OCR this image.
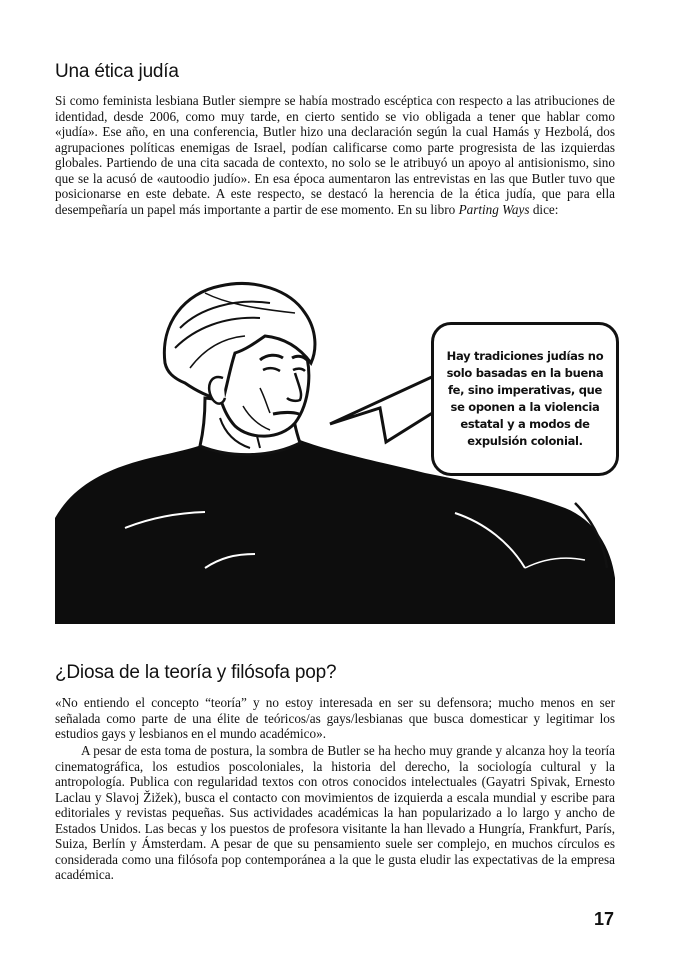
Una ética judía

Si como feminista lesbiana Butler siempre se había mostrado escéptica con respecto a las atribuciones de identidad, desde 2006, como muy tarde, en cierto sentido se vio obligada a tener que hablar como «judía». Ese año, en una conferencia, Butler hizo una declaración según la cual Hamás y Hezbolá, dos agrupaciones políticas enemigas de Israel, podían calificarse como parte progresista de las izquierdas globales. Partiendo de una cita sacada de contexto, no solo se le atribuyó un apoyo al antisionismo, sino que se la acusó de «autoodio judío». En esa época aumentaron las entrevistas en las que Butler tuvo que posicionarse en este debate. A este respecto, se destacó la herencia de la ética judía, que para ella desempeñaría un papel más importante a partir de ese momento. En su libro Parting Ways dice:

Hay tradiciones judías no solo basadas en la buena fe, sino imperativas, que se oponen a la violencia estatal y a modos de expulsión colonial.
¿Diosa de la teoría y filósofa pop?

«No entiendo el concepto “teoría” y no estoy interesada en ser su defensora; mucho menos en ser señalada como parte de una élite de teóricos/as gays/lesbianas que busca domesticar y legitimar los estudios gays y lesbianos en el mundo académico».

A pesar de esta toma de postura, la sombra de Butler se ha hecho muy grande y alcanza hoy la teoría cinematográfica, los estudios poscoloniales, la historia del derecho, la sociología cultural y la antropología. Publica con regularidad textos con otros conocidos intelectuales (Gayatri Spivak, Ernesto Laclau y Slavoj Žižek), busca el contacto con movimientos de izquierda a escala mundial y escribe para editoriales y revistas pequeñas. Sus actividades académicas la han popularizado a lo largo y ancho de Estados Unidos. Las becas y los puestos de profesora visitante la han llevado a Hungría, Frankfurt, París, Suiza, Berlín y Ámsterdam. A pesar de que su pensamiento suele ser complejo, en muchos círculos es considerada como una filósofa pop contemporánea a la que le gusta eludir las expectativas de la empresa académica.

17
